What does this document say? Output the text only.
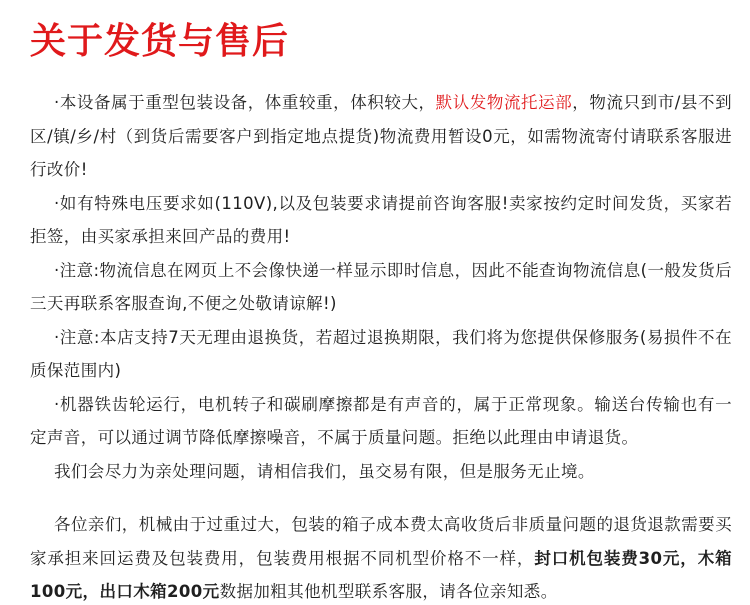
关于发货与售后

·本设备属于重型包装设备，体重较重，体积较大，默认发物流托运部，物流只到市/县不到区/镇/乡/村（到货后需要客户到指定地点提货)物流费用暂设0元，如需物流寄付请联系客服进行改价!

·如有特殊电压要求如(110V),以及包装要求请提前咨询客服!卖家按约定时间发货，买家若拒签，由买家承担来回产品的费用!

·注意:物流信息在网页上不会像快递一样显示即时信息，因此不能查询物流信息(一般发货后三天再联系客服查询,不便之处敬请谅解!)

·注意:本店支持7天无理由退换货，若超过退换期限，我们将为您提供保修服务(易损件不在质保范围内)

·机器铁齿轮运行，电机转子和碳刷摩擦都是有声音的，属于正常现象。输送台传输也有一定声音，可以通过调节降低摩擦噪音，不属于质量问题。拒绝以此理由申请退货。

我们会尽力为亲处理问题，请相信我们，虽交易有限，但是服务无止境。

各位亲们，机械由于过重过大，包装的箱子成本费太高收货后非质量问题的退货退款需要买家承担来回运费及包装费用，包装费用根据不同机型价格不一样，封口机包装费30元，木箱100元，出口木箱200元数据加粗其他机型联系客服，请各位亲知悉。
